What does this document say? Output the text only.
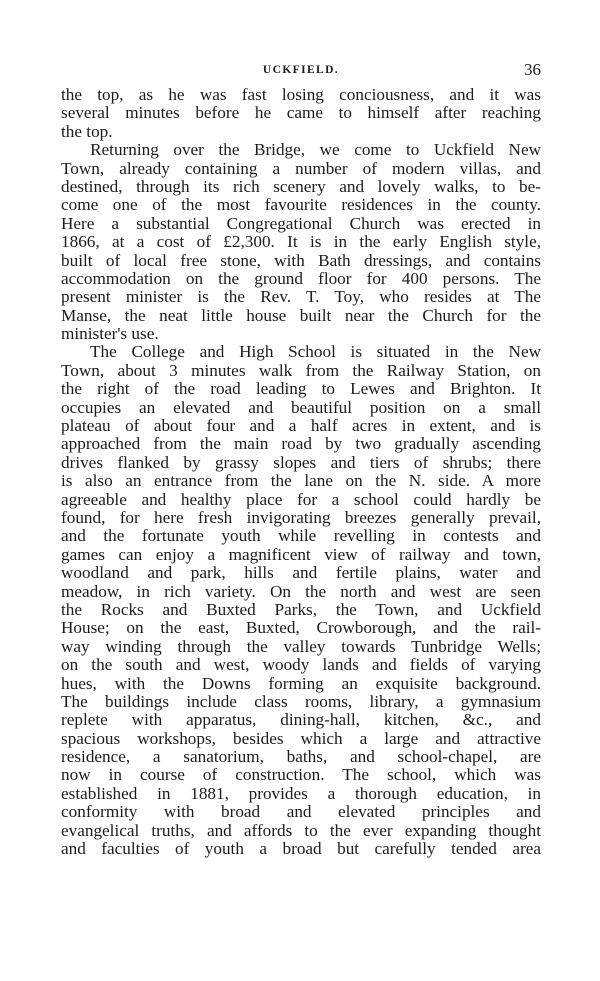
UCKFIELD.	36
the top, as he was fast losing conciousness, and it was
several minutes before he came to himself after reaching
the top.
Returning over the Bridge, we come to Uckfield New
Town, already containing a number of modern villas, and
destined, through its rich scenery and lovely walks, to be-
come one of the most favourite residences in the county.
Here a substantial Congregational Church was erected in
1866, at a cost of £2,300. It is in the early English style,
built of local free stone, with Bath dressings, and contains
accommodation on the ground floor for 400 persons. The
present minister is the Rev. T. Toy, who resides at The
Manse, the neat little house built near the Church for the
minister's use.
The College and High School is situated in the New
Town, about 3 minutes walk from the Railway Station, on
the right of the road leading to Lewes and Brighton. It
occupies an elevated and beautiful position on a small
plateau of about four and a half acres in extent, and is
approached from the main road by two gradually ascending
drives flanked by grassy slopes and tiers of shrubs; there
is also an entrance from the lane on the N. side. A more
agreeable and healthy place for a school could hardly be
found, for here fresh invigorating breezes generally prevail,
and the fortunate youth while revelling in contests and
games can enjoy a magnificent view of railway and town,
woodland and park, hills and fertile plains, water and
meadow, in rich variety. On the north and west are seen
the Rocks and Buxted Parks, the Town, and Uckfield
House; on the east, Buxted, Crowborough, and the rail-
way winding through the valley towards Tunbridge Wells;
on the south and west, woody lands and fields of varying
hues, with the Downs forming an exquisite background.
The buildings include class rooms, library, a gymnasium
replete with apparatus, dining-hall, kitchen, &c., and
spacious workshops, besides which a large and attractive
residence, a sanatorium, baths, and school-chapel, are
now in course of construction. The school, which was
established in 1881, provides a thorough education, in
conformity with broad and elevated principles and
evangelical truths, and affords to the ever expanding thought
and faculties of youth a broad but carefully tended area
